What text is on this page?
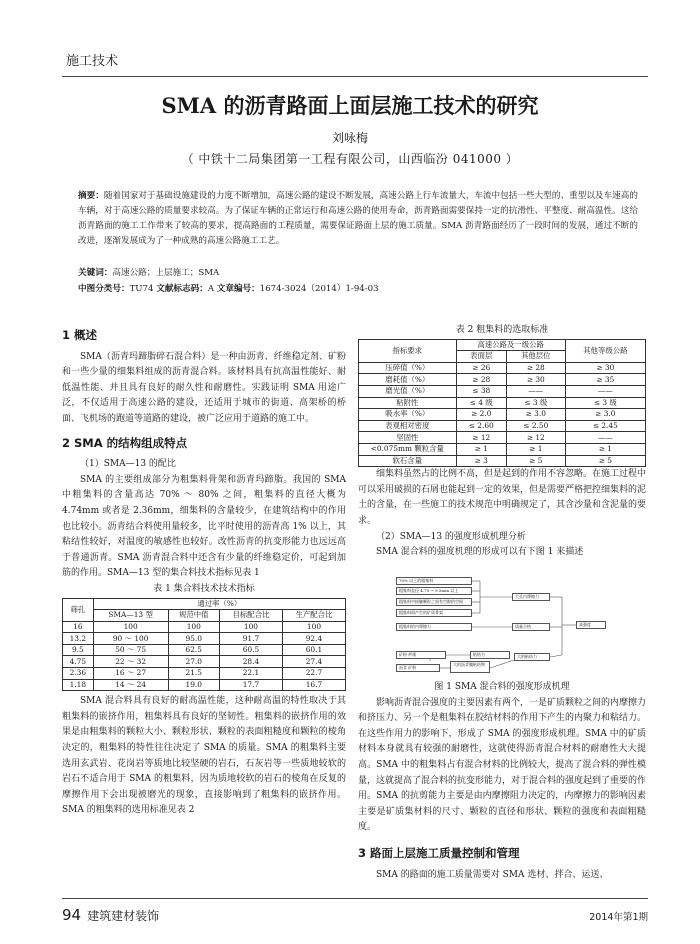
施工技术
SMA 的沥青路面上面层施工技术的研究
刘咏梅
（ 中铁十二局集团第一工程有限公司，山西临汾 041000 ）
摘要：随着国家对于基础设施建设的力度不断增加，高速公路的建设不断发展，高速公路上行车流量大，车流中包括一些大型的、重型以及车速高的车辆，对于高速公路的质量要求较高。为了保证车辆的正常运行和高速公路的使用寿命，沥青路面需要保持一定的抗滑性、平整度、耐高温性。这给沥青路面的施工工作带来了较高的要求，提高路面的工程质量，需要保证路面上层的施工质量。SMA 沥青路面经历了一段时间的发展，通过不断的改进，逐渐发展成为了一种成熟的高速公路施工工艺。
关键词：高速公路；上层施工；SMA
中图分类号：TU74 文献标志码：A 文章编号：1674-3024（2014）1-94-03
1 概述

SMA（沥青玛蹄脂碎石混合料）是一种由沥青、纤维稳定剂、矿粉和一些少量的细集料组成的沥青混合料。该材料具有抗高温性能好、耐低温性能、并且具有良好的耐久性和耐磨性。实践证明 SMA 用途广泛，不仅适用于高速公路的建设，还适用于城市的街道、高架桥的桥面、飞机场的跑道等道路的建设，被广泛应用于道路的施工中。

2 SMA 的结构组成特点

（1）SMA—13 的配比

SMA 的主要组成部分为粗集料骨架和沥青玛蹄脂。我国的 SMA 中粗集料的含量高达 70% ～ 80% 之间，粗集料的直径大概为 4.74mm 或者是 2.36mm，细集料的含量较少，在建筑结构中的作用也比较小。沥青结合料使用量较多，比平时使用的沥青高 1% 以上，其粘结性较好，对温度的敏感性也较好。改性沥青的抗变形能力也远远高于普通沥青。SMA 沥青混合料中还含有少量的纤维稳定价，可起到加筋的作用。SMA—13 型的集合料技术指标见表 1

表 1 集合料技术技术指标
筛孔	通过率（%）			
	SMA—13 型	规范中值	目标配合比	生产配合比
16	100	100	100	100
13.2	90 ～ 100	95.0	91.7	92.4
9.5	50 ～ 75	62.5	60.5	60.1
4.75	22 ～ 32	27.0	28.4	27.4
2.36	16 ～ 27	21.5	22.1	22.7
1.18	14 ～ 24	19.0	17.7	16.7

SMA 混合料具有良好的耐高温性能，这种耐高温的特性取决于其粗集料的嵌挤作用，粗集料具有良好的坚韧性。粗集料的嵌挤作用的效果是由粗集料的颗粒大小、颗粒形状、颗粒的表面粗糙度和颗粒的棱角决定的，粗集料的特性往往决定了 SMA 的质量。SMA 的粗集料主要选用玄武岩、花岗岩等质地比较坚硬的岩石，石灰岩等一些质地较软的岩石不适合用于 SMA 的粗集料，因为质地较软的岩石的棱角在反复的摩擦作用下会出现被磨光的现象，直接影响到了粗集料的嵌挤作用。SMA 的粗集料的选用标准见表 2

表 2 粗集料的选取标准
指标要求	高速公路及一级公路		其他等级公路
	表面层	其他层位	
压碎值（%）	≥ 26	≥ 28	≥ 30
磨耗值（%）	≥ 28	≥ 30	≥ 35
磨光值（%）	≤ 38	——	——
粘附性	≤ 4 级	≤ 3 级	≤ 3 级
吸水率（%）	≥ 2.0	≥ 3.0	≥ 3.0
表观相对密度	≤ 2.60	≤ 2.50	≤ 2.45
坚固性	≥ 12	≥ 12	——
<0.075mm 颗粒含量	≥ 1	≥ 1	≥ 1
软石含量	≥ 3	≥ 5	≥ 5

细集料虽然占的比例不高，但是起到的作用不容忽略。在施工过程中可以采用破损的石屑也能起到一定的效果，但是需要严格把控细集料的泥土的含量，在一些施工的技术规范中明确规定了，其含沙量和含泥量的要求。

（2）SMA—13 的强度形成机理分析

SMA 混合料的强度机理的形成可以有下图 1 来描述

70% 以上的粗集料
粗集料直径 4.75 ~ 9.5mm 以上
粗集料中接触颗粒之间有空隙的空间
粗集料间产生的矿质骨架
粗集料的内摩擦力
矿粉 纤维
沥青 矿粉
粘结力
大的沥青膜粘结物
大孔内摩擦力
质量合格
大的粘结力
高强度
图 1 SMA 混合料的强度形成机理

影响沥青混合强度的主要因素有两个，一是矿质颗粒之间的内摩擦力和挤压力、另一个是粗集料在胶结材料的作用下产生的内聚力和粘结力。在这些作用力的影响下，形成了 SMA 的强度形成机理。SMA 中的矿质材料本身就具有较强的耐磨性，这就使得沥青混合材料的耐磨性大大提高。SMA 中的粗集料占有混合材料的比例较大，提高了混合料的弹性模量，这就提高了混合料的抗变形能力，对于混合料的强度起到了重要的作用。SMA 的抗剪能力主要是由内摩擦阻力决定的，内摩擦力的影响因素主要是矿质集材料的尺寸、颗粒的直径和形状、颗粒的强度和表面粗糙度。

3 路面上层施工质量控制和管理

SMA 的路面的施工质量需要对 SMA 选材、拌合、运送、

94 建筑建材装饰	2014年第1期
